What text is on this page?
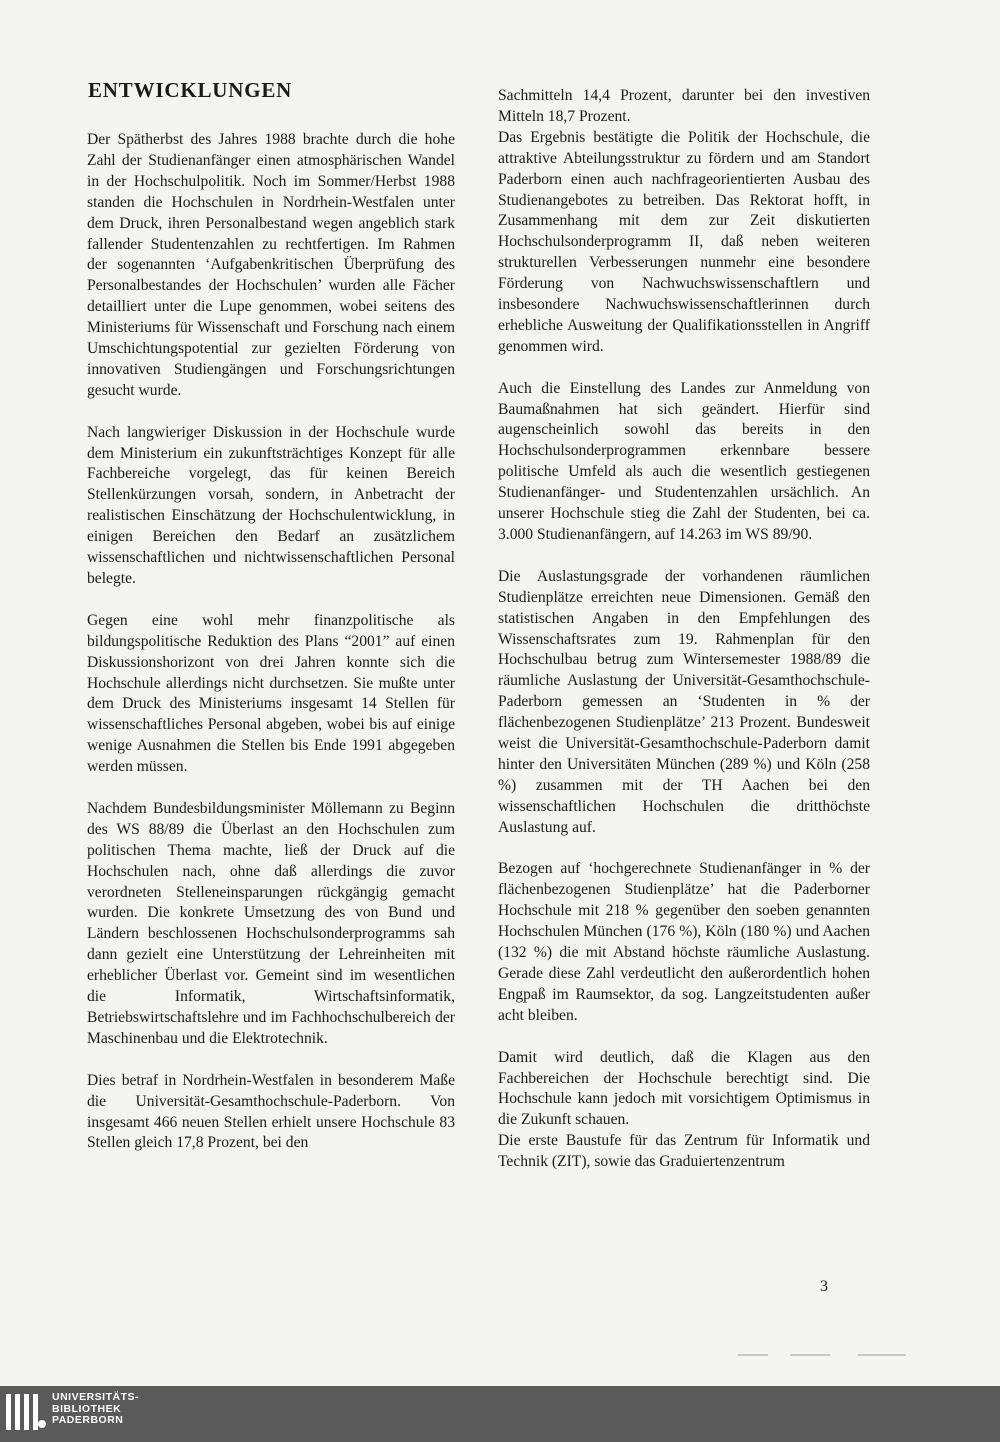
ENTWICKLUNGEN

Der Spätherbst des Jahres 1988 brachte durch die hohe Zahl der Studienanfänger einen atmosphärischen Wandel in der Hochschulpolitik. Noch im Sommer/Herbst 1988 standen die Hochschulen in Nordrhein-Westfalen unter dem Druck, ihren Personalbestand wegen angeblich stark fallender Studentenzahlen zu rechtfertigen. Im Rahmen der sogenannten ‘Aufgabenkritischen Überprüfung des Personalbestandes der Hochschulen’ wurden alle Fächer detailliert unter die Lupe genommen, wobei seitens des Ministeriums für Wissenschaft und Forschung nach einem Umschichtungspotential zur gezielten Förderung von innovativen Studiengängen und Forschungsrichtungen gesucht wurde.

Nach langwieriger Diskussion in der Hochschule wurde dem Ministerium ein zukunftsträchtiges Konzept für alle Fachbereiche vorgelegt, das für keinen Bereich Stellenkürzungen vorsah, sondern, in Anbetracht der realistischen Einschätzung der Hochschulentwicklung, in einigen Bereichen den Bedarf an zusätzlichem wissenschaftlichen und nichtwissenschaftlichen Personal belegte.

Gegen eine wohl mehr finanzpolitische als bildungspolitische Reduktion des Plans “2001” auf einen Diskussionshorizont von drei Jahren konnte sich die Hochschule allerdings nicht durchsetzen. Sie mußte unter dem Druck des Ministeriums insgesamt 14 Stellen für wissenschaftliches Personal abgeben, wobei bis auf einige wenige Ausnahmen die Stellen bis Ende 1991 abgegeben werden müssen.

Nachdem Bundesbildungsminister Möllemann zu Beginn des WS 88/89 die Überlast an den Hochschulen zum politischen Thema machte, ließ der Druck auf die Hochschulen nach, ohne daß allerdings die zuvor verordneten Stelleneinsparungen rückgängig gemacht wurden. Die konkrete Umsetzung des von Bund und Ländern beschlossenen Hochschulsonderprogramms sah dann gezielt eine Unterstützung der Lehreinheiten mit erheblicher Überlast vor. Gemeint sind im wesentlichen die Informatik, Wirtschaftsinformatik, Betriebswirtschaftslehre und im Fachhochschulbereich der Maschinenbau und die Elektrotechnik.

Dies betraf in Nordrhein-Westfalen in besonderem Maße die Universität-Gesamthochschule-Paderborn. Von insgesamt 466 neuen Stellen erhielt unsere Hochschule 83 Stellen gleich 17,8 Prozent, bei den

Sachmitteln 14,4 Prozent, darunter bei den investiven Mitteln 18,7 Prozent.

Das Ergebnis bestätigte die Politik der Hochschule, die attraktive Abteilungsstruktur zu fördern und am Standort Paderborn einen auch nachfrageorientierten Ausbau des Studienangebotes zu betreiben. Das Rektorat hofft, in Zusammenhang mit dem zur Zeit diskutierten Hochschulsonderprogramm II, daß neben weiteren strukturellen Verbesserungen nunmehr eine besondere Förderung von Nachwuchswissenschaftlern und insbesondere Nachwuchswissenschaftlerinnen durch erhebliche Ausweitung der Qualifikationsstellen in Angriff genommen wird.

Auch die Einstellung des Landes zur Anmeldung von Baumaßnahmen hat sich geändert. Hierfür sind augenscheinlich sowohl das bereits in den Hochschulsonderprogrammen erkennbare bessere politische Umfeld als auch die wesentlich gestiegenen Studienanfänger- und Studentenzahlen ursächlich. An unserer Hochschule stieg die Zahl der Studenten, bei ca. 3.000 Studienanfängern, auf 14.263 im WS 89/90.

Die Auslastungsgrade der vorhandenen räumlichen Studienplätze erreichten neue Dimensionen. Gemäß den statistischen Angaben in den Empfehlungen des Wissenschaftsrates zum 19. Rahmenplan für den Hochschulbau betrug zum Wintersemester 1988/89 die räumliche Auslastung der Universität-Gesamthochschule-Paderborn gemessen an ‘Studenten in % der flächenbezogenen Studienplätze’ 213 Prozent. Bundesweit weist die Universität-Gesamthochschule-Paderborn damit hinter den Universitäten München (289 %) und Köln (258 %) zusammen mit der TH Aachen bei den wissenschaftlichen Hochschulen die dritthöchste Auslastung auf.

Bezogen auf ‘hochgerechnete Studienanfänger in % der flächenbezogenen Studienplätze’ hat die Paderborner Hochschule mit 218 % gegenüber den soeben genannten Hochschulen München (176 %), Köln (180 %) und Aachen (132 %) die mit Abstand höchste räumliche Auslastung. Gerade diese Zahl verdeutlicht den außerordentlich hohen Engpaß im Raumsektor, da sog. Langzeitstudenten außer acht bleiben.

Damit wird deutlich, daß die Klagen aus den Fachbereichen der Hochschule berechtigt sind. Die Hochschule kann jedoch mit vorsichtigem Optimismus in die Zukunft schauen.

Die erste Baustufe für das Zentrum für Informatik und Technik (ZIT), sowie das Graduiertenzentrum

3
UNIVERSITÄTS-
BIBLIOTHEK
PADERBORN
